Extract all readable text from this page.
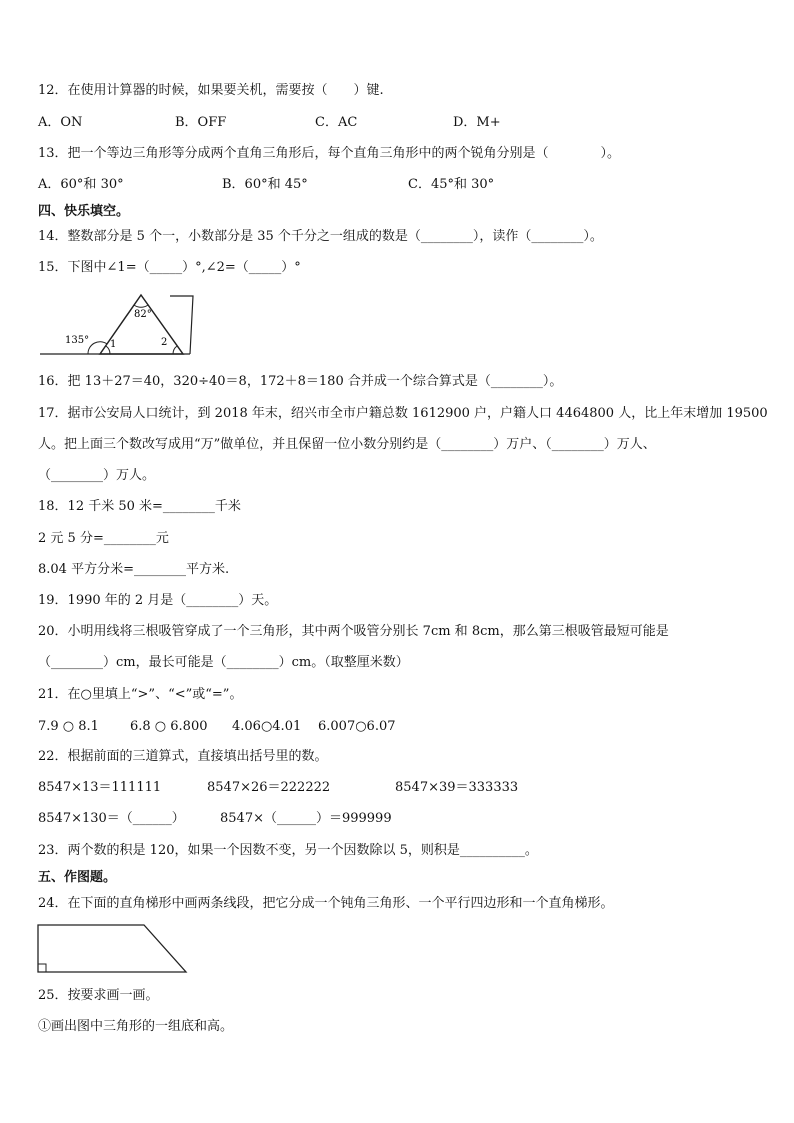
12．在使用计算器的时候，如果要关机，需要按（　　）键.
A．ON	B．OFF	C．AC	D．M+
13．把一个等边三角形等分成两个直角三角形后，每个直角三角形中的两个锐角分别是（　　　　）。
A．60°和 30°	B．60°和 45°	C．45°和 30°
四、快乐填空。
14．整数部分是 5 个一，小数部分是 35 个千分之一组成的数是（________），读作（________）。
15．下图中∠1=（_____）°,∠2=（_____）°
82°
135° 1	2
16．把 13＋27＝40，320÷40＝8，172＋8＝180 合并成一个综合算式是（________）。
17．据市公安局人口统计，到 2018 年末，绍兴市全市户籍总数 1612900 户，户籍人口 4464800 人，比上年末增加 19500
人。把上面三个数改写成用“万”做单位，并且保留一位小数分别约是（________）万户、（________）万人、
（________）万人。
18．12 千米 50 米=________千米
2 元 5 分=________元
8.04 平方分米=________平方米.
19．1990 年的 2 月是（________）天。
20．小明用线将三根吸管穿成了一个三角形，其中两个吸管分别长 7cm 和 8cm，那么第三根吸管最短可能是
（________）cm，最长可能是（________）cm。（取整厘米数）
21．在○里填上“>”、“<”或“=”。
7.9 ○ 8.1 6.8 ○ 6.800 4.06○4.01 6.007○6.07
22．根据前面的三道算式，直接填出括号里的数。
8547×13＝111111	8547×26＝222222	8547×39＝333333
8547×130＝（______）	8547×（______）＝999999
23．两个数的积是 120，如果一个因数不变，另一个因数除以 5，则积是__________。
五、作图题。
24．在下面的直角梯形中画两条线段，把它分成一个钝角三角形、一个平行四边形和一个直角梯形。
25．按要求画一画。
①画出图中三角形的一组底和高。
